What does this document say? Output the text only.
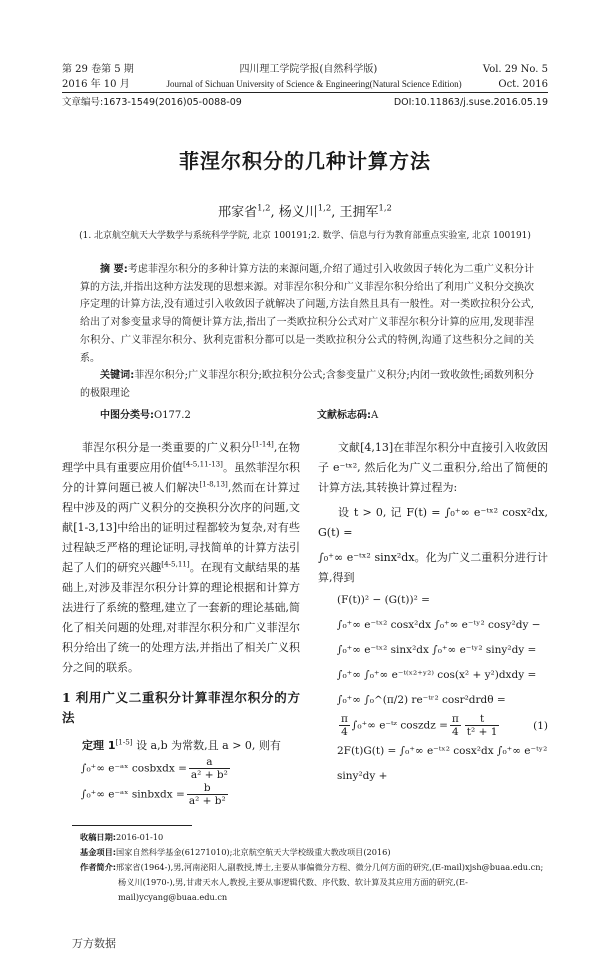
第 29 卷第 5 期	四川理工学院学报(自然科学版)	Vol. 29 No. 5
2016 年 10 月	Journal of Sichuan University of Science & Engineering(Natural Science Edition)	Oct. 2016
文章编号:1673-1549(2016)05-0088-09	DOI:10.11863/j.suse.2016.05.19
菲涅尔积分的几种计算方法
邢家省$^{1,2}$, 杨义川$^{1,2}$, 王拥军$^{1,2}$
(1. 北京航空航天大学数学与系统科学学院, 北京 100191;2. 数学、信息与行为教育部重点实验室, 北京 100191)
摘 要:考虑菲涅尔积分的多种计算方法的来源问题,介绍了通过引入收敛因子转化为二重广义积分计算的方法,并指出这种方法发现的思想来源。对菲涅尔积分和广义菲涅尔积分给出了利用广义积分交换次序定理的计算方法,没有通过引入收敛因子就解决了问题,方法自然且具有一般性。对一类欧拉积分公式,给出了对参变量求导的简便计算方法,指出了一类欧拉积分公式对广义菲涅尔积分计算的应用,发现菲涅尔积分、广义菲涅尔积分、狄利克雷积分都可以是一类欧拉积分公式的特例,沟通了这些积分之间的关系。
关键词:菲涅尔积分;广义菲涅尔积分;欧拉积分公式;含参变量广义积分;内闭一致收敛性;函数列积分的极限理论
中图分类号:O177.2	文献标志码:A
菲涅尔积分是一类重要的广义积分[1-14],在物理学中具有重要应用价值[4-5,11-13]。虽然菲涅尔积分的计算问题已被人们解决[1-8,13],然而在计算过程中涉及的两广义积分的交换积分次序的问题,文献[1-3,13]中给出的证明过程都较为复杂,对有些过程缺乏严格的理论证明,寻找简单的计算方法引起了人们的研究兴趣[4-5,11]。在现有文献结果的基础上,对涉及菲涅尔积分计算的理论根据和计算方法进行了系统的整理,建立了一套新的理论基础,简化了相关问题的处理,对菲涅尔积分和广义菲涅尔积分给出了统一的处理方法,并指出了相关广义积分之间的联系。
1 利用广义二重积分计算菲涅尔积分的方法
定理 1[1-5] 设 a,b 为常数,且 a > 0, 则有
∫₀⁺∞ e⁻ᵃˣ cosbxdx = $\frac{a}{\text{a² + b²}}$
∫₀⁺∞ e⁻ᵃˣ sinbxdx = $\frac{b}{\text{a² + b²}}$
文献[4,13]在菲涅尔积分中直接引入收敛因子 e⁻ᵗˣ², 然后化为广义二重积分,给出了简便的计算方法,其转换计算过程为:
设 t > 0, 记 F(t) = ∫₀⁺∞ e⁻ᵗˣ² cosx²dx, G(t) =
∫₀⁺∞ e⁻ᵗˣ² sinx²dx。化为广义二重积分进行计算,得到
(F(t))² − (G(t))² =
∫₀⁺∞ e⁻ᵗˣ² cosx²dx ∫₀⁺∞ e⁻ᵗʸ² cosy²dy −
∫₀⁺∞ e⁻ᵗˣ² sinx²dx ∫₀⁺∞ e⁻ᵗʸ² siny²dy =
∫₀⁺∞ ∫₀⁺∞ e⁻ᵗ⁽ˣ²⁺ʸ²⁾ cos(x² + y²)dxdy =
∫₀⁺∞ ∫₀^(π/2) re⁻ᵗʳ² cosr²drdθ =
$\frac{\pi}{4} \int_0^+\infty$ e⁻ᵗᶻ coszdz = $\frac{\pi}{4} \frac{t}{\text{t² + 1}}$	(1)
2F(t)G(t) = ∫₀⁺∞ e⁻ᵗˣ² cosx²dx ∫₀⁺∞ e⁻ᵗʸ² siny²dy +
收稿日期:2016-01-10
基金项目:国家自然科学基金(61271010);北京航空航天大学校级重大教改项目(2016)
作者简介:邢家省(1964-),男,河南泌阳人,副教授,博士,主要从事偏微分方程、微分几何方面的研究,(E-mail)xjsh@buaa.edu.cn;
杨义川(1970-),男,甘肃天水人,教授,主要从事逻辑代数、序代数、软计算及其应用方面的研究,(E-mail)ycyang@buaa.edu.cn
万方数据
